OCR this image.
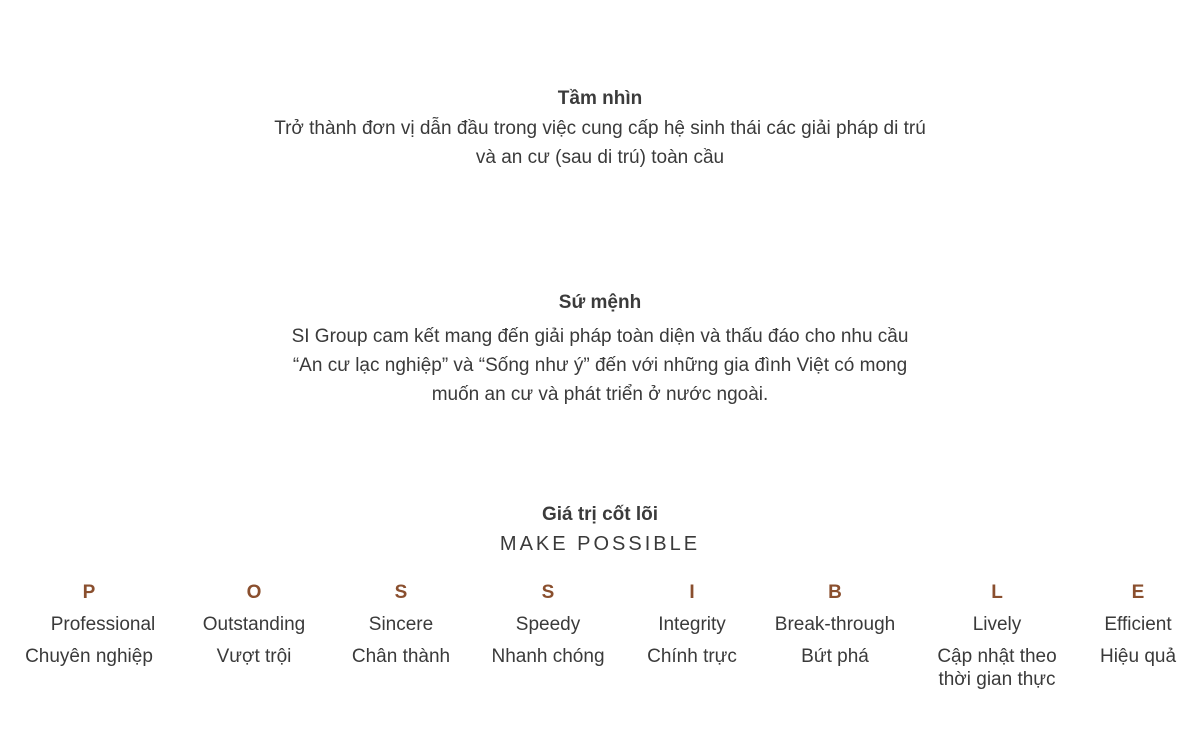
Tầm nhìn
Trở thành đơn vị dẫn đầu trong việc cung cấp hệ sinh thái các giải pháp di trú
và an cư (sau di trú) toàn cầu
Sứ mệnh
SI Group cam kết mang đến giải pháp toàn diện và thấu đáo cho nhu cầu
“An cư lạc nghiệp” và “Sống như ý” đến với những gia đình Việt có mong
muốn an cư và phát triển ở nước ngoài.
Giá trị cốt lõi
MAKE POSSIBLE
P
Professional
Chuyên nghiệp
O
Outstanding
Vượt trội
S
Sincere
Chân thành
S
Speedy
Nhanh chóng
I
Integrity
Chính trực
B
Break-through
Bứt phá
L
Lively
Cập nhật theo
thời gian thực
E
Efficient
Hiệu quả
